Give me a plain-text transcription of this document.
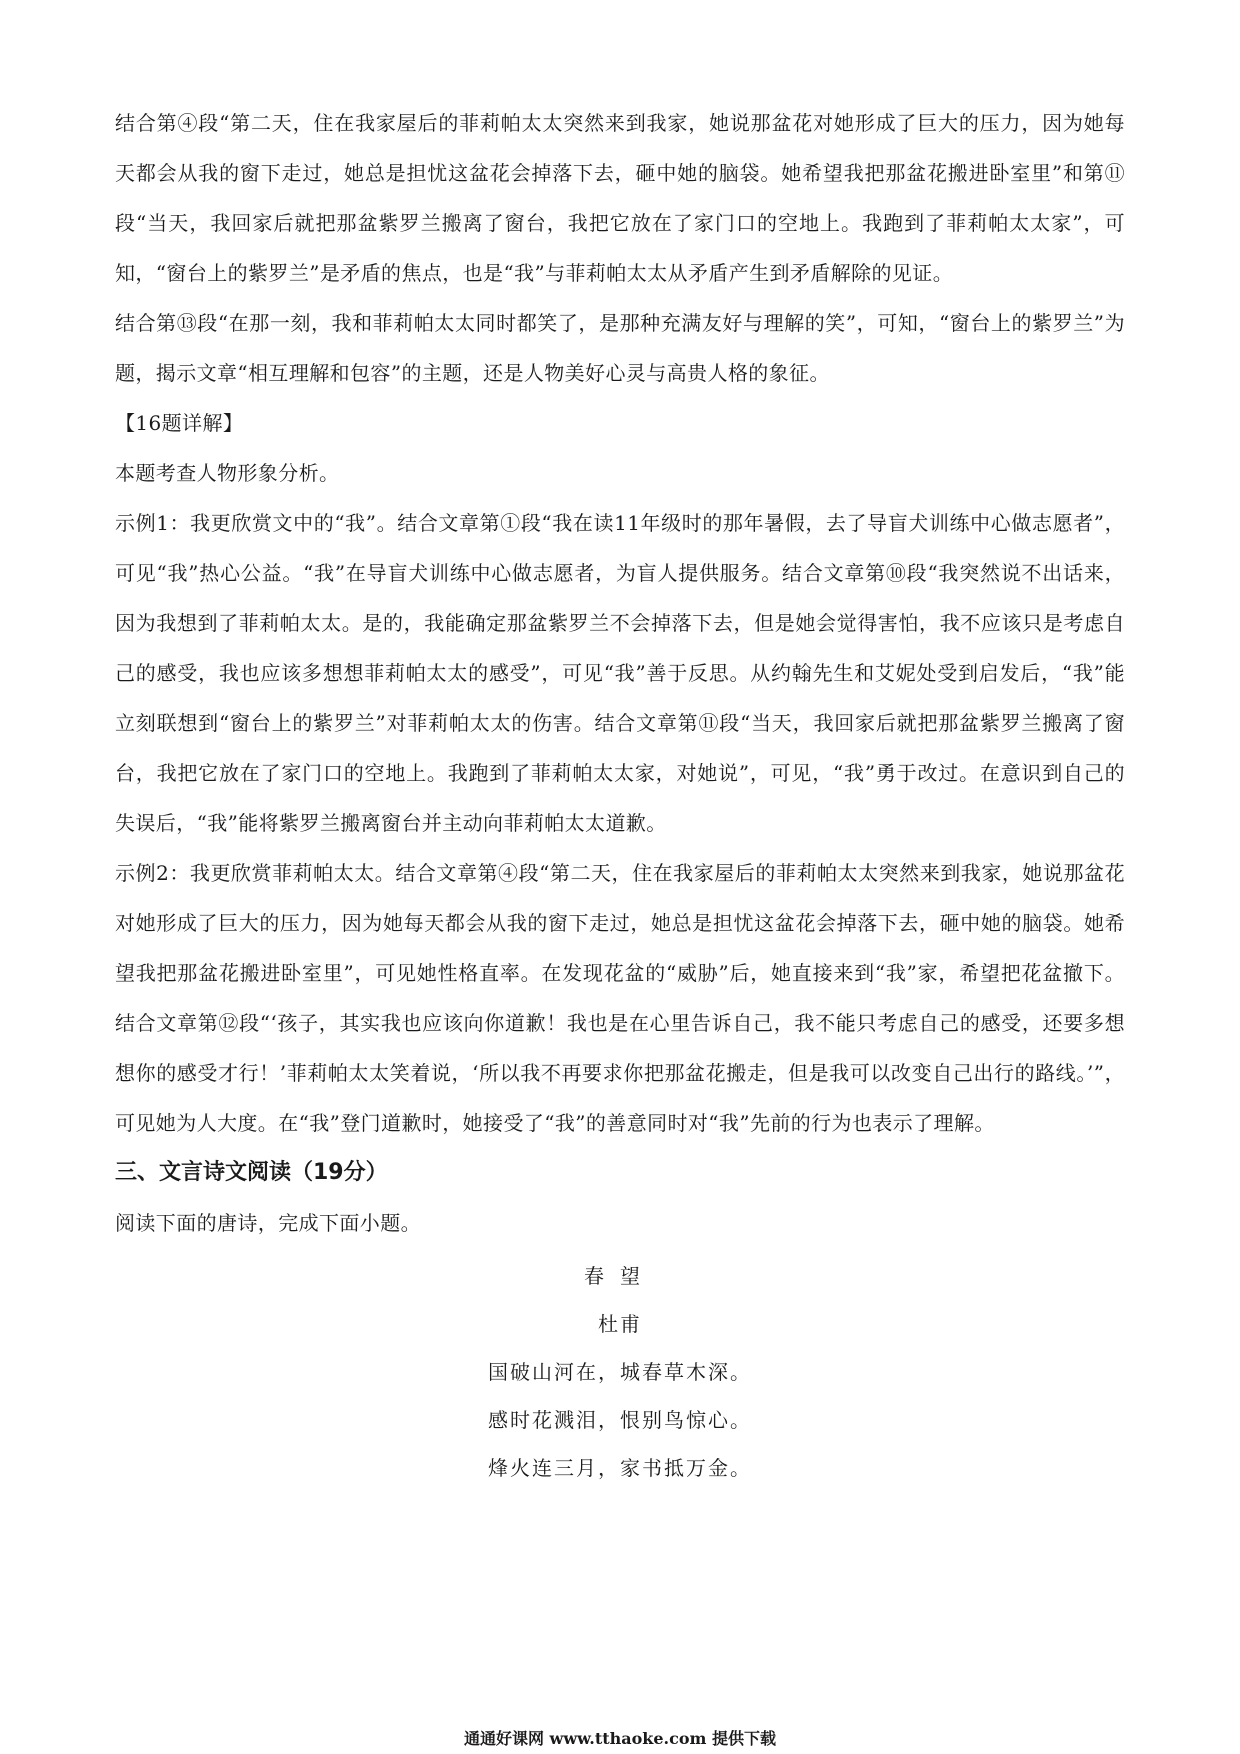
结合第④段“第二天，住在我家屋后的菲莉帕太太突然来到我家，她说那盆花对她形成了巨大的压力，因为她每天都会从我的窗下走过，她总是担忧这盆花会掉落下去，砸中她的脑袋。她希望我把那盆花搬进卧室里”和第⑪段“当天，我回家后就把那盆紫罗兰搬离了窗台，我把它放在了家门口的空地上。我跑到了菲莉帕太太家”，可知，“窗台上的紫罗兰”是矛盾的焦点，也是“我”与菲莉帕太太从矛盾产生到矛盾解除的见证。

结合第⑬段“在那一刻，我和菲莉帕太太同时都笑了，是那种充满友好与理解的笑”，可知，“窗台上的紫罗兰”为题，揭示文章“相互理解和包容”的主题，还是人物美好心灵与高贵人格的象征。

【16题详解】

本题考查人物形象分析。

示例1：我更欣赏文中的“我”。结合文章第①段“我在读11年级时的那年暑假，去了导盲犬训练中心做志愿者”，可见“我”热心公益。“我”在导盲犬训练中心做志愿者，为盲人提供服务。结合文章第⑩段“我突然说不出话来，因为我想到了菲莉帕太太。是的，我能确定那盆紫罗兰不会掉落下去，但是她会觉得害怕，我不应该只是考虑自己的感受，我也应该多想想菲莉帕太太的感受”，可见“我”善于反思。从约翰先生和艾妮处受到启发后，“我”能立刻联想到“窗台上的紫罗兰”对菲莉帕太太的伤害。结合文章第⑪段“当天，我回家后就把那盆紫罗兰搬离了窗台，我把它放在了家门口的空地上。我跑到了菲莉帕太太家，对她说”，可见，“我”勇于改过。在意识到自己的失误后，“我”能将紫罗兰搬离窗台并主动向菲莉帕太太道歉。

示例2：我更欣赏菲莉帕太太。结合文章第④段“第二天，住在我家屋后的菲莉帕太太突然来到我家，她说那盆花对她形成了巨大的压力，因为她每天都会从我的窗下走过，她总是担忧这盆花会掉落下去，砸中她的脑袋。她希望我把那盆花搬进卧室里”，可见她性格直率。在发现花盆的“威胁”后，她直接来到“我”家，希望把花盆撤下。结合文章第⑫段“‘孩子，其实我也应该向你道歉！我也是在心里告诉自己，我不能只考虑自己的感受，还要多想想你的感受才行！’菲莉帕太太笑着说，‘所以我不再要求你把那盆花搬走，但是我可以改变自己出行的路线。’”，可见她为人大度。在“我”登门道歉时，她接受了“我”的善意同时对“我”先前的行为也表示了理解。

三、文言诗文阅读（19分）

阅读下面的唐诗，完成下面小题。

春望

杜甫

国破山河在，城春草木深。

感时花溅泪，恨别鸟惊心。

烽火连三月，家书抵万金。

通通好课网 www.tthaoke.com 提供下载
